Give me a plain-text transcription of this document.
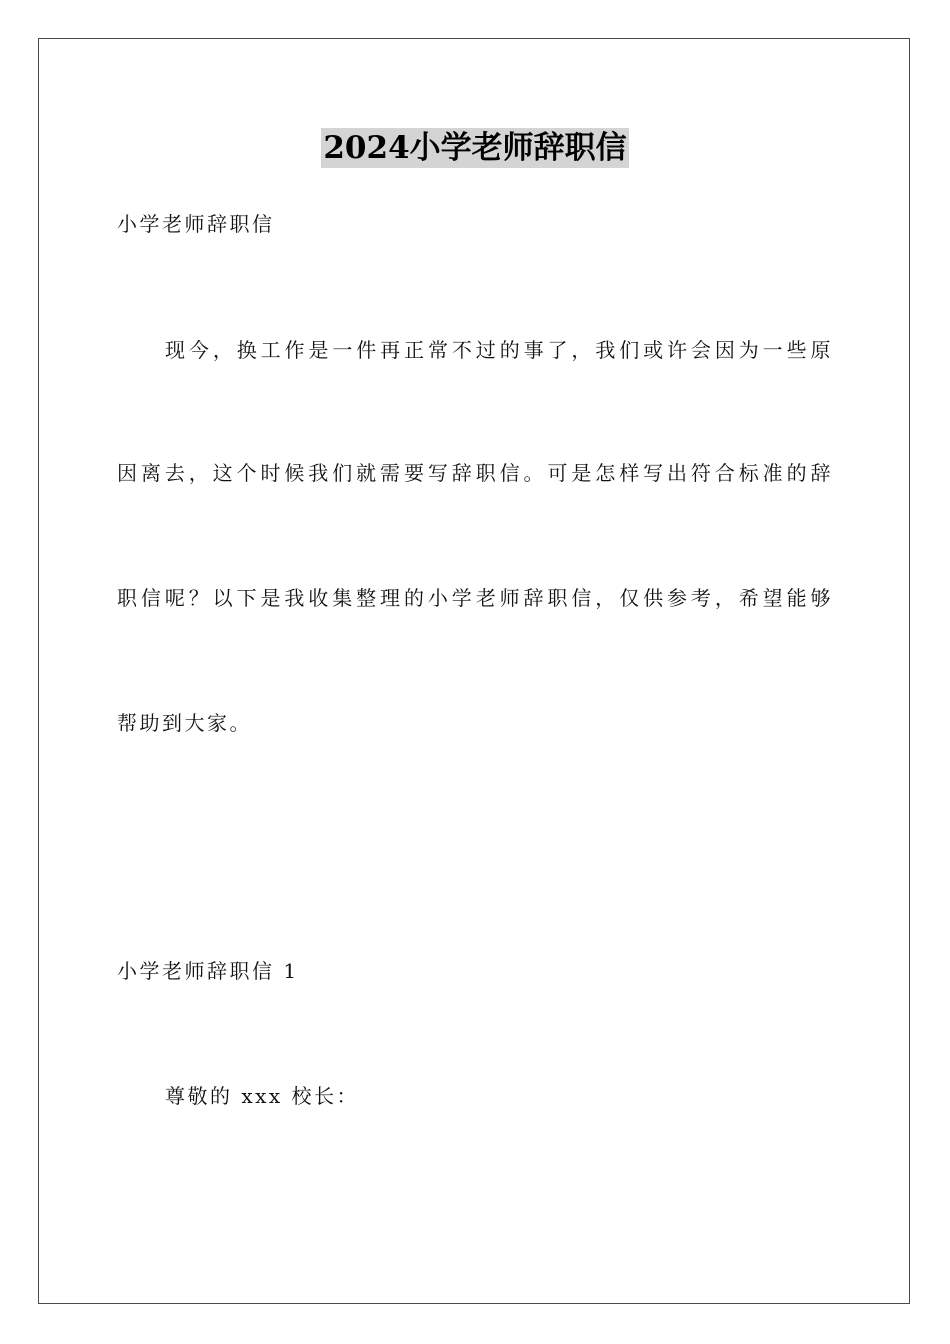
2024小学老师辞职信
小学老师辞职信
现今，换工作是一件再正常不过的事了，我们或许会因为一些原
因离去，这个时候我们就需要写辞职信。可是怎样写出符合标准的辞
职信呢？以下是我收集整理的小学老师辞职信，仅供参考，希望能够
帮助到大家。
小学老师辞职信 1
尊敬的 xxx 校长：
